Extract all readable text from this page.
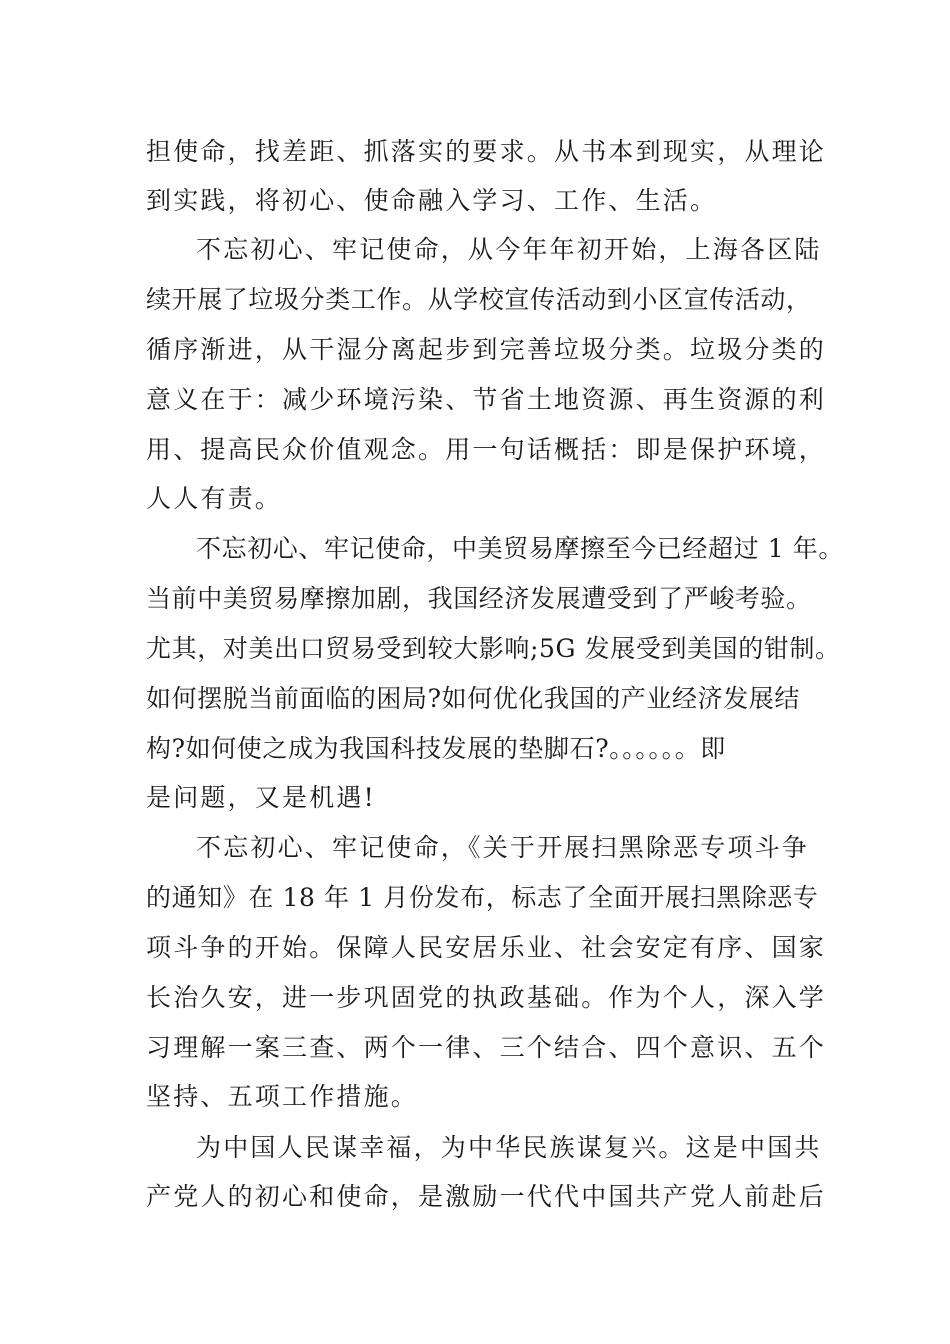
担使命，找差距、抓落实的要求。从书本到现实，从理论
到实践，将初心、使命融入学习、工作、生活。
不忘初心、牢记使命，从今年年初开始，上海各区陆
续开展了垃圾分类工作。从学校宣传活动到小区宣传活动，
循序渐进，从干湿分离起步到完善垃圾分类。垃圾分类的
意义在于：减少环境污染、节省土地资源、再生资源的利
用、提高民众价值观念。用一句话概括：即是保护环境，
人人有责。
不忘初心、牢记使命，中美贸易摩擦至今已经超过 1 年。
当前中美贸易摩擦加剧，我国经济发展遭受到了严峻考验。
尤其，对美出口贸易受到较大影响;5G 发展受到美国的钳制。
如何摆脱当前面临的困局?如何优化我国的产业经济发展结
构?如何使之成为我国科技发展的垫脚石?。。。。。。即
是问题，又是机遇!
不忘初心、牢记使命，《关于开展扫黑除恶专项斗争
的通知》在 18 年 1 月份发布，标志了全面开展扫黑除恶专
项斗争的开始。保障人民安居乐业、社会安定有序、国家
长治久安，进一步巩固党的执政基础。作为个人，深入学
习理解一案三查、两个一律、三个结合、四个意识、五个
坚持、五项工作措施。
为中国人民谋幸福，为中华民族谋复兴。这是中国共
产党人的初心和使命，是激励一代代中国共产党人前赴后
